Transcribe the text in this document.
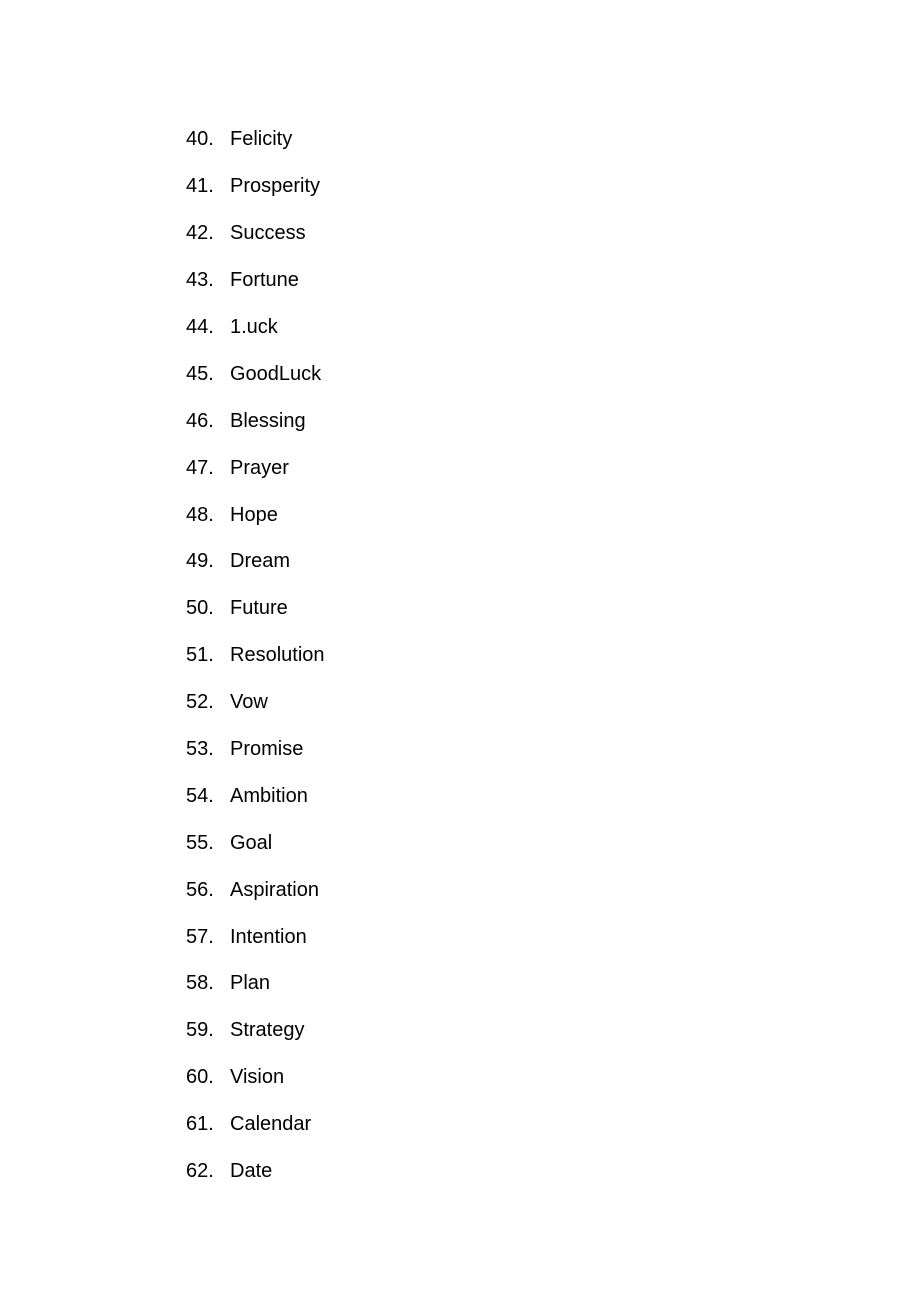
40. Felicity
41. Prosperity
42. Success
43. Fortune
44. 1.uck
45. GoodLuck
46. Blessing
47. Prayer
48. Hope
49. Dream
50. Future
51. Resolution
52. Vow
53. Promise
54. Ambition
55. Goal
56. Aspiration
57. Intention
58. Plan
59. Strategy
60. Vision
61. Calendar
62. Date
